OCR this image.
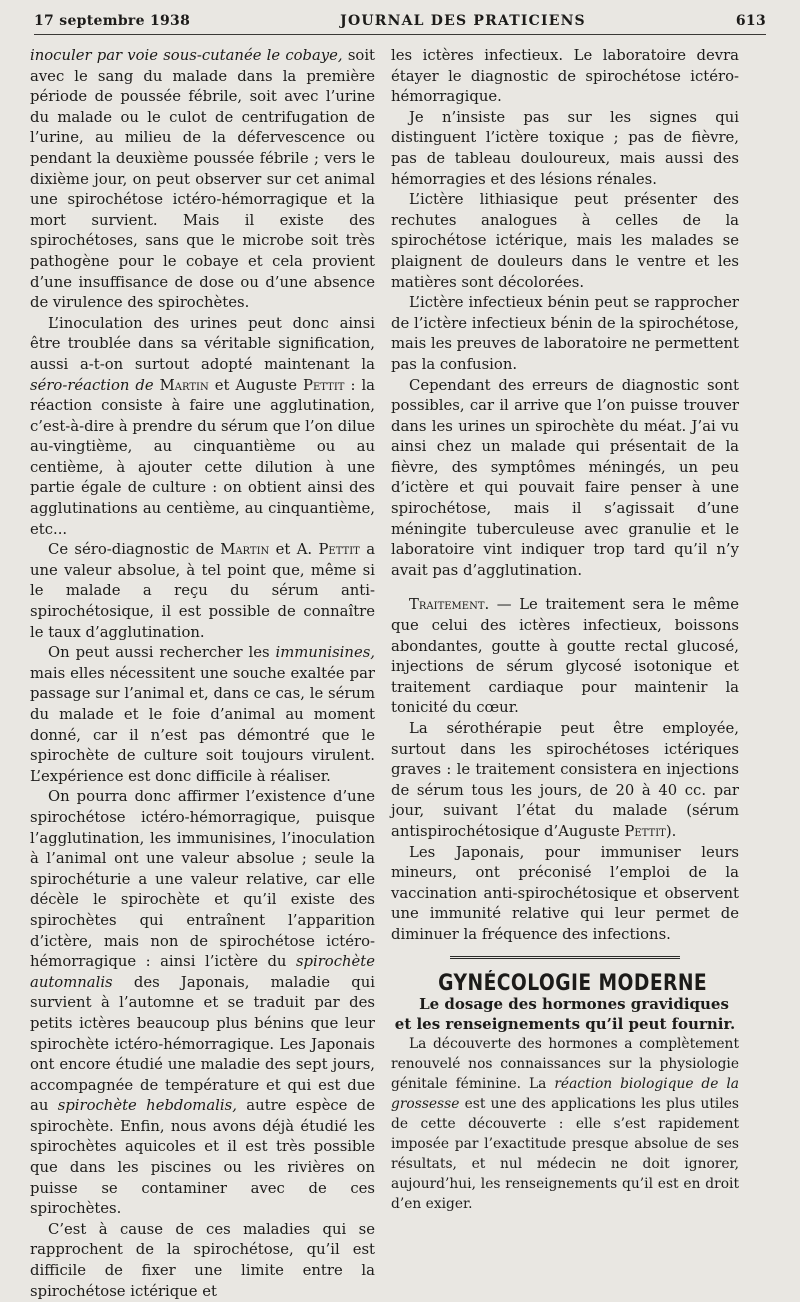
17 septembre 1938	JOURNAL DES PRATICIENS	613

inoculer par voie sous-cutanée le cobaye, soit avec le sang du malade dans la première période de poussée fébrile, soit avec l’urine du malade ou le culot de centrifugation de l’urine, au milieu de la défervescence ou pendant la deuxième poussée fébrile ; vers le dixième jour, on peut observer sur cet animal une spirochétose ictéro-hémorragique et la mort survient. Mais il existe des spirochétoses, sans que le microbe soit très pathogène pour le cobaye et cela provient d’une insuffisance de dose ou d’une absence de virulence des spirochètes.

L’inoculation des urines peut donc ainsi être troublée dans sa véritable signification, aussi a-t-on surtout adopté maintenant la séro-réaction de Martin et Auguste Pettit : la réaction consiste à faire une agglutination, c’est-à-dire à prendre du sérum que l’on dilue au-vingtième, au cinquantième ou au centième, à ajouter cette dilution à une partie égale de culture : on obtient ainsi des agglutinations au centième, au cinquantième, etc...

Ce séro-diagnostic de Martin et A. Pettit a une valeur absolue, à tel point que, même si le malade a reçu du sérum anti-spirochétosique, il est possible de connaître le taux d’agglutination.

On peut aussi rechercher les immunisines, mais elles nécessitent une souche exaltée par passage sur l’animal et, dans ce cas, le sérum du malade et le foie d’animal au moment donné, car il n’est pas démontré que le spirochète de culture soit toujours virulent. L’expérience est donc difficile à réaliser.

On pourra donc affirmer l’existence d’une spirochétose ictéro-hémorragique, puisque l’agglutination, les immunisines, l’inoculation à l’animal ont une valeur absolue ; seule la spirochéturie a une valeur relative, car elle décèle le spirochète et qu’il existe des spirochètes qui entraînent l’apparition d’ictère, mais non de spirochétose ictéro-hémorragique : ainsi l’ictère du spirochète automnalis des Japonais, maladie qui survient à l’automne et se traduit par des petits ictères beaucoup plus bénins que leur spirochète ictéro-hémorragique. Les Japonais ont encore étudié une maladie des sept jours, accompagnée de température et qui est due au spirochète hebdomalis, autre espèce de spirochète. Enfin, nous avons déjà étudié les spirochètes aquicoles et il est très possible que dans les piscines ou les rivières on puisse se contaminer avec de ces spirochètes.

C’est à cause de ces maladies qui se rapprochent de la spirochétose, qu’il est difficile de fixer une limite entre la spirochétose ictérique et

les ictères infectieux. Le laboratoire devra étayer le diagnostic de spirochétose ictéro-hémorragique.

Je n’insiste pas sur les signes qui distinguent l’ictère toxique ; pas de fièvre, pas de tableau douloureux, mais aussi des hémorragies et des lésions rénales.

L’ictère lithiasique peut présenter des rechutes analogues à celles de la spirochétose ictérique, mais les malades se plaignent de douleurs dans le ventre et les matières sont décolorées.

L’ictère infectieux bénin peut se rapprocher de l’ictère infectieux bénin de la spirochétose, mais les preuves de laboratoire ne permettent pas la confusion.

Cependant des erreurs de diagnostic sont possibles, car il arrive que l’on puisse trouver dans les urines un spirochète du méat. J’ai vu ainsi chez un malade qui présentait de la fièvre, des symptômes méningés, un peu d’ictère et qui pouvait faire penser à une spirochétose, mais il s’agissait d’une méningite tuberculeuse avec granulie et le laboratoire vint indiquer trop tard qu’il n’y avait pas d’agglutination.

Traitement. — Le traitement sera le même que celui des ictères infectieux, boissons abondantes, goutte à goutte rectal glucosé, injections de sérum glycosé isotonique et traitement cardiaque pour maintenir la tonicité du cœur.

La sérothérapie peut être employée, surtout dans les spirochétoses ictériques graves : le traitement consistera en injections de sérum tous les jours, de 20 à 40 cc. par jour, suivant l’état du malade (sérum antispirochétosique d’Auguste Pettit).

Les Japonais, pour immuniser leurs mineurs, ont préconisé l’emploi de la vaccination anti-spirochétosique et observent une immunité relative qui leur permet de diminuer la fréquence des infections.

GYNÉCOLOGIE MODERNE

Le dosage des hormones gravidiques
et les renseignements qu’il peut fournir.

La découverte des hormones a complètement renouvelé nos connaissances sur la physiologie génitale féminine. La réaction biologique de la grossesse est une des applications les plus utiles de cette découverte : elle s’est rapidement imposée par l’exactitude presque absolue de ses résultats, et nul médecin ne doit ignorer, aujourd’hui, les renseignements qu’il est en droit d’en exiger.
